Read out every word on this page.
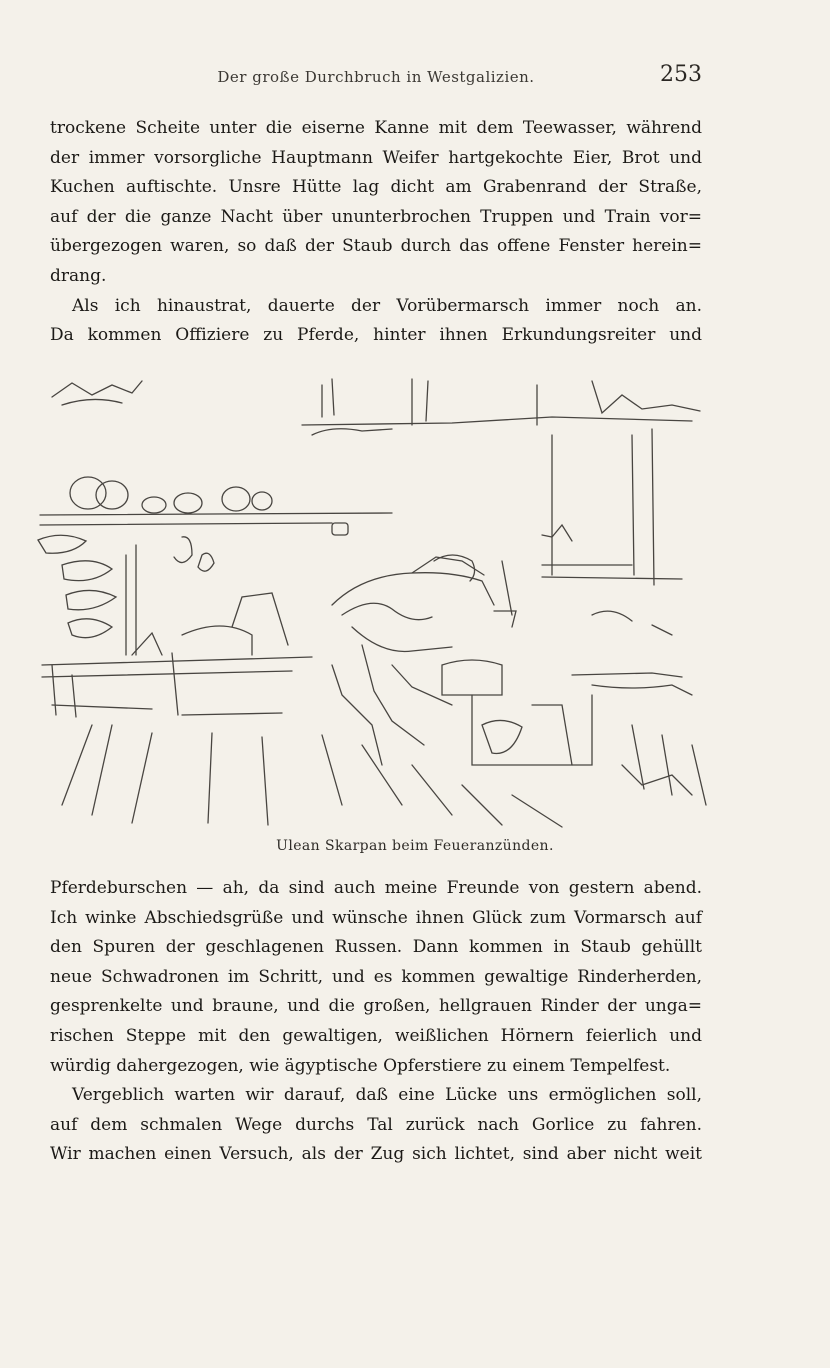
Der große Durchbruch in Westgalizien.	253
trockene Scheite unter die eiserne Kanne mit dem Teewasser, während
der immer vorsorgliche Hauptmann Weifer hartgekochte Eier, Brot und
Kuchen auftischte. Unsre Hütte lag dicht am Grabenrand der Straße,
auf der die ganze Nacht über ununterbrochen Truppen und Train vor=
übergezogen waren, so daß der Staub durch das offene Fenster herein=
drang.
Als ich hinaustrat, dauerte der Vorübermarsch immer noch an.
Da kommen Offiziere zu Pferde, hinter ihnen Erkundungsreiter und
Ulean Skarpan beim Feueranzünden.
Pferdeburschen — ah, da sind auch meine Freunde von gestern abend.
Ich winke Abschiedsgrüße und wünsche ihnen Glück zum Vormarsch auf
den Spuren der geschlagenen Russen. Dann kommen in Staub gehüllt
neue Schwadronen im Schritt, und es kommen gewaltige Rinderherden,
gesprenkelte und braune, und die großen, hellgrauen Rinder der unga=
rischen Steppe mit den gewaltigen, weißlichen Hörnern feierlich und
würdig dahergezogen, wie ägyptische Opferstiere zu einem Tempelfest.
Vergeblich warten wir darauf, daß eine Lücke uns ermöglichen soll,
auf dem schmalen Wege durchs Tal zurück nach Gorlice zu fahren.
Wir machen einen Versuch, als der Zug sich lichtet, sind aber nicht weit
